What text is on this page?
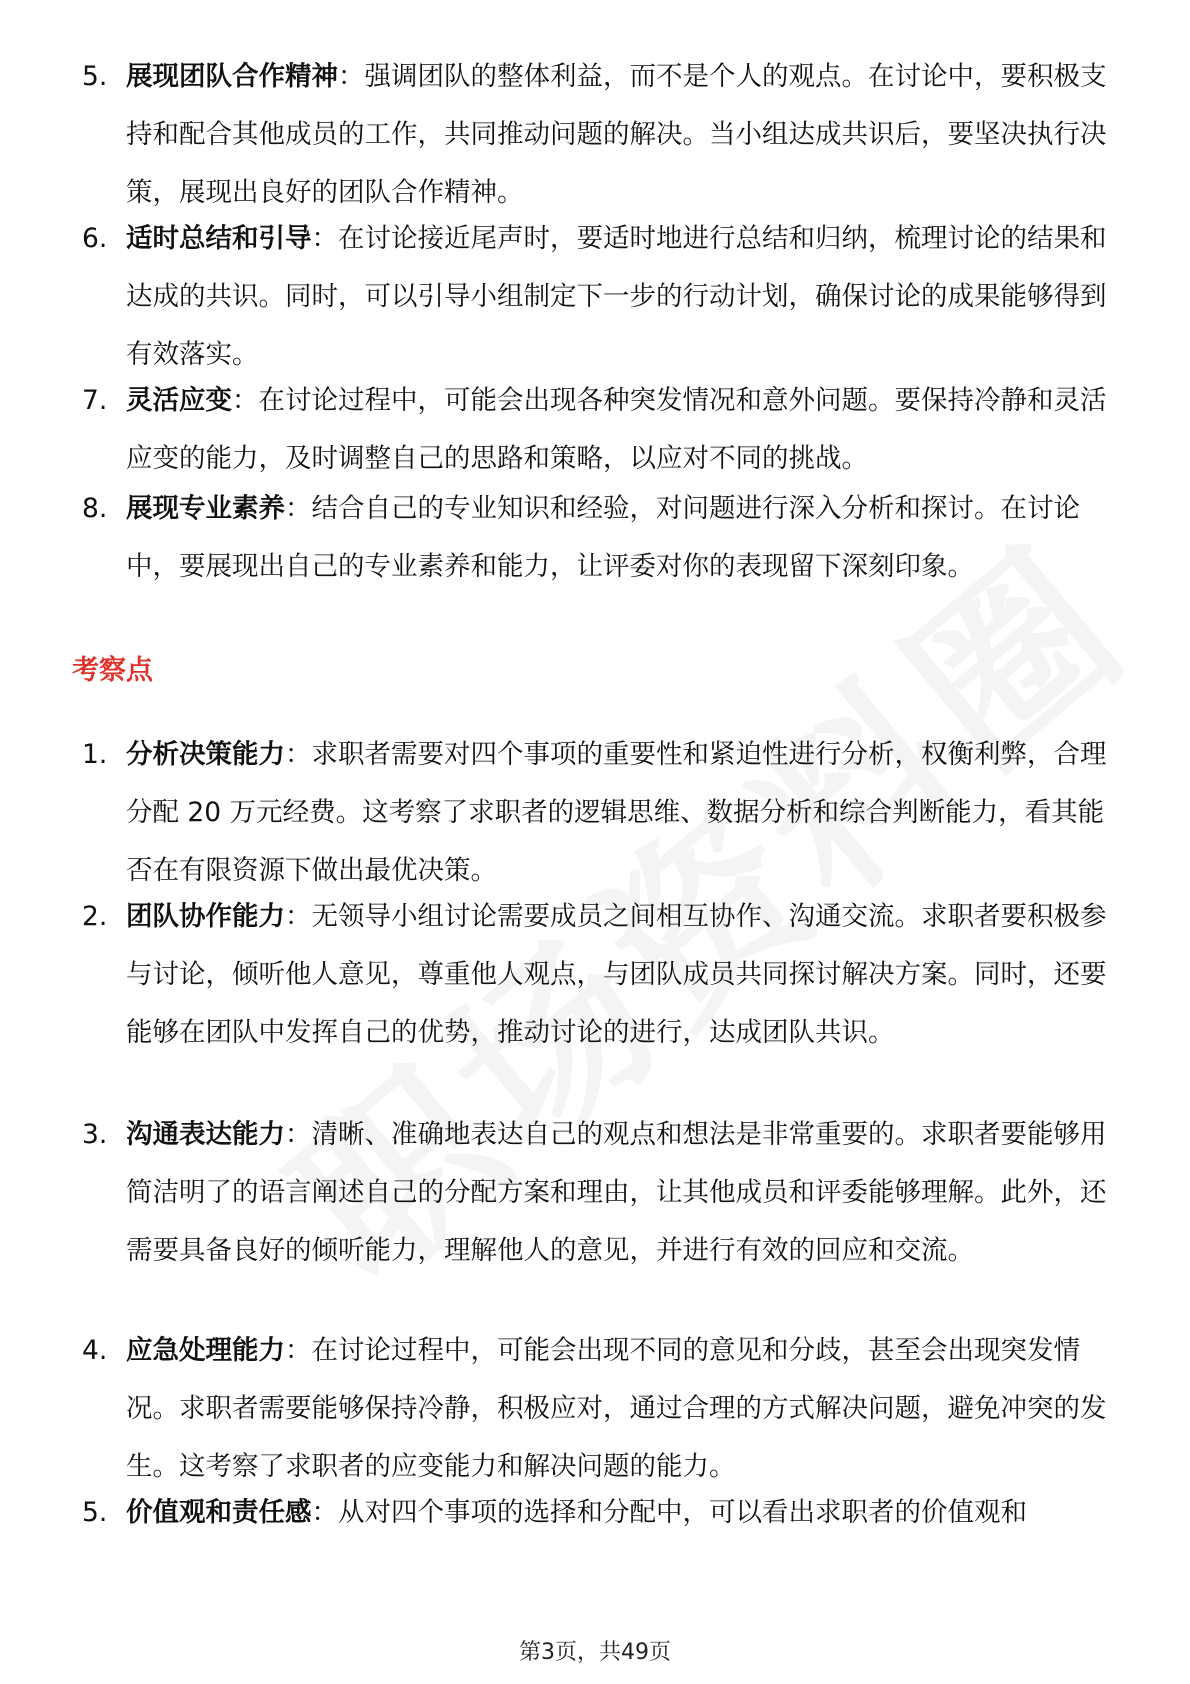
5. 展现团队合作精神：强调团队的整体利益，而不是个人的观点。在讨论中，要积极支持和配合其他成员的工作，共同推动问题的解决。当小组达成共识后，要坚决执行决策，展现出良好的团队合作精神。
6. 适时总结和引导：在讨论接近尾声时，要适时地进行总结和归纳，梳理讨论的结果和达成的共识。同时，可以引导小组制定下一步的行动计划，确保讨论的成果能够得到有效落实。
7. 灵活应变：在讨论过程中，可能会出现各种突发情况和意外问题。要保持冷静和灵活应变的能力，及时调整自己的思路和策略，以应对不同的挑战。
8. 展现专业素养：结合自己的专业知识和经验，对问题进行深入分析和探讨。在讨论中，要展现出自己的专业素养和能力，让评委对你的表现留下深刻印象。
考察点
1. 分析决策能力：求职者需要对四个事项的重要性和紧迫性进行分析，权衡利弊，合理分配 20 万元经费。这考察了求职者的逻辑思维、数据分析和综合判断能力，看其能否在有限资源下做出最优决策。
2. 团队协作能力：无领导小组讨论需要成员之间相互协作、沟通交流。求职者要积极参与讨论，倾听他人意见，尊重他人观点，与团队成员共同探讨解决方案。同时，还要能够在团队中发挥自己的优势，推动讨论的进行，达成团队共识。
3. 沟通表达能力：清晰、准确地表达自己的观点和想法是非常重要的。求职者要能够用简洁明了的语言阐述自己的分配方案和理由，让其他成员和评委能够理解。此外，还需要具备良好的倾听能力，理解他人的意见，并进行有效的回应和交流。
4. 应急处理能力：在讨论过程中，可能会出现不同的意见和分歧，甚至会出现突发情况。求职者需要能够保持冷静，积极应对，通过合理的方式解决问题，避免冲突的发生。这考察了求职者的应变能力和解决问题的能力。
5. 价值观和责任感：从对四个事项的选择和分配中，可以看出求职者的价值观和
第3页，共49页
